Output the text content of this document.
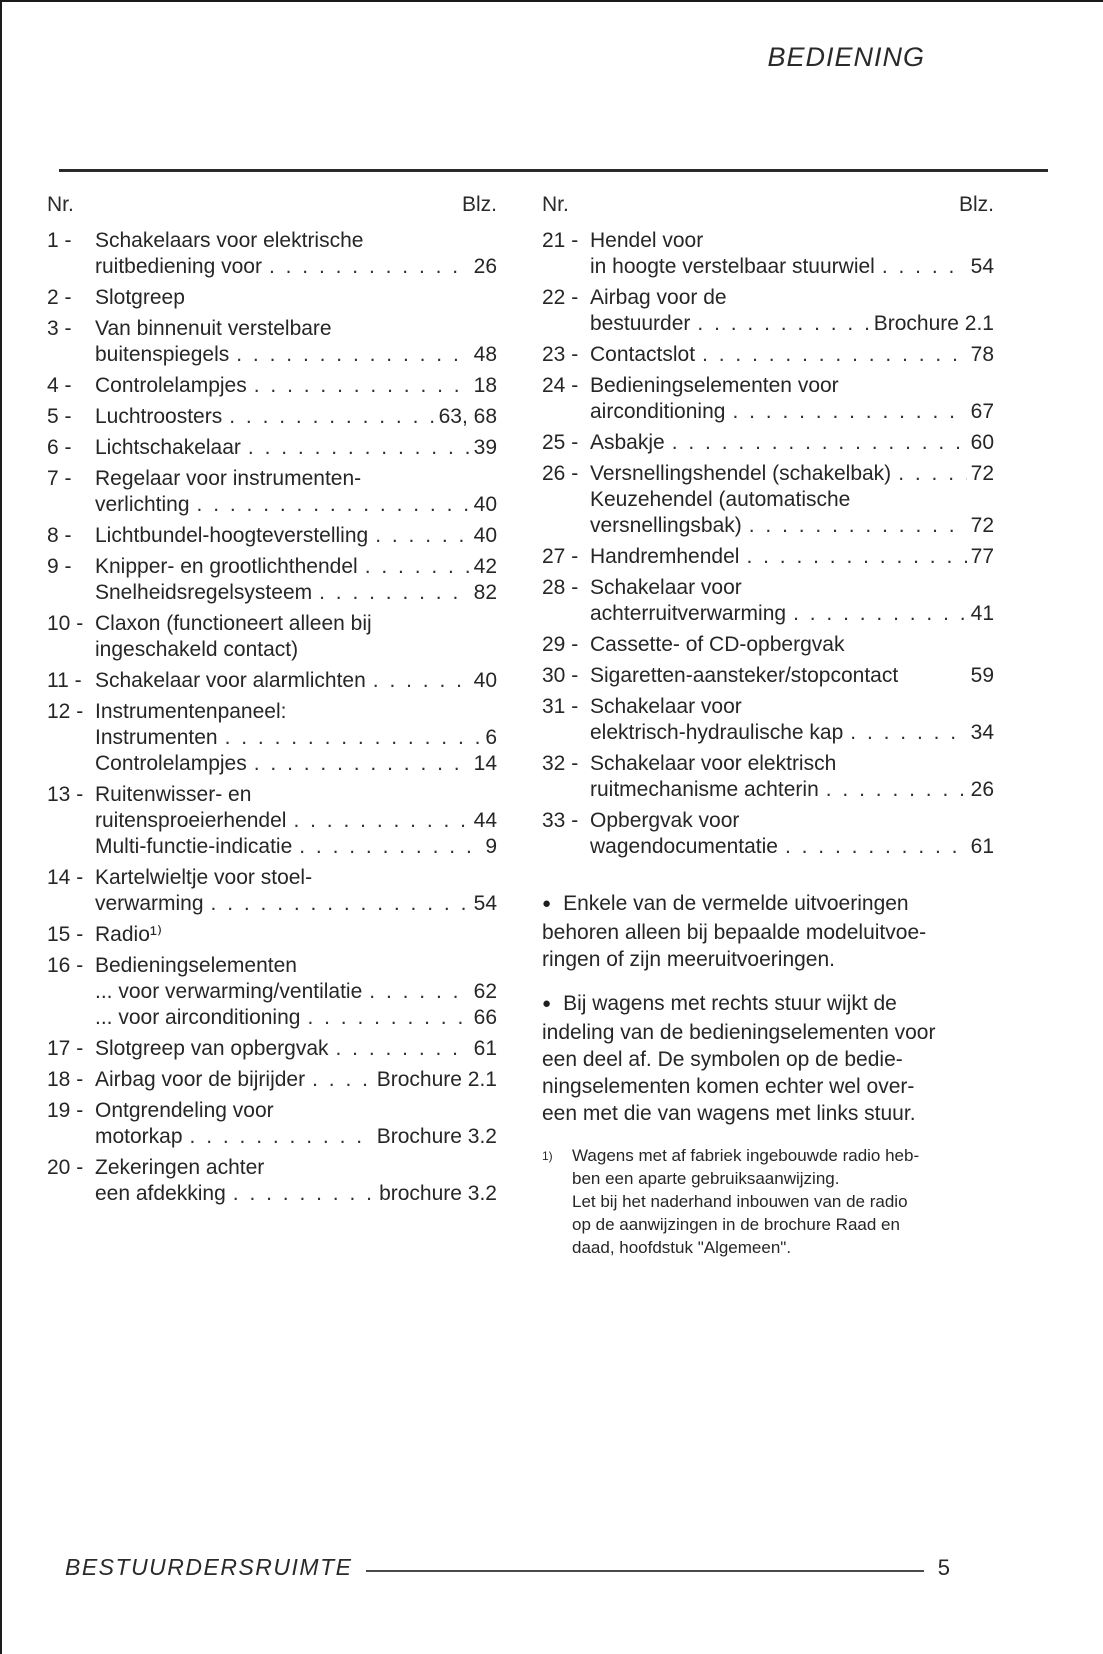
BEDIENING
Nr.	Blz.
1 -	Schakelaars voor elektrische
ruitbediening voor . . .	26
2 -	Slotgreep
3 -	Van binnenuit verstelbare
buitenspiegels . . .	48
4 -	Controlelampjes . . .	18
5 -	Luchtroosters . . .	63, 68
6 -	Lichtschakelaar . . .	39
7 -	Regelaar voor instrumenten-
verlichting . . .	40
8 -	Lichtbundel-hoogteverstelling . . .	40
9 -	Knipper- en grootlichthendel . . .	42
Snelheidsregelsysteem . . .	82
10 - Claxon (functioneert alleen bij
ingeschakeld contact)
11 - Schakelaar voor alarmlichten . . .	40
12 - Instrumentenpaneel:
Instrumenten . . .	6
Controlelampjes . . .	14
13 - Ruitenwisser- en
ruitensproeierhendel . . .	44
Multi-functie-indicatie . . .	9
14 - Kartelwieltje voor stoel-
verwarming . . .	54
15 - Radio¹⁾
16 - Bedieningselementen
... voor verwarming/ventilatie . . .	62
... voor airconditioning . . .	66
17 - Slotgreep van opbergvak . . .	61
18 - Airbag voor de bijrijder . . .	Brochure 2.1
19 - Ontgrendeling voor
motorkap . . .	Brochure 3.2
20 - Zekeringen achter
een afdekking . . .	brochure 3.2
Nr.	Blz.
21 - Hendel voor
in hoogte verstelbaar stuurwiel . . .	54
22 - Airbag voor de
bestuurder . . .	Brochure 2.1
23 - Contactslot . . .	78
24 - Bedieningselementen voor
airconditioning . . .	67
25 - Asbakje . . .	60
26 - Versnellingshendel (schakelbak) . . .	72
Keuzehendel (automatische
versnellingsbak) . . .	72
27 - Handremhendel . . .	77
28 - Schakelaar voor
achterruitverwarming . . .	41
29 - Cassette- of CD-opbergvak
30 - Sigaretten-aansteker/stopcontact	59
31 - Schakelaar voor
elektrisch-hydraulische kap . . .	34
32 - Schakelaar voor elektrisch
ruitmechanisme achterin . . .	26
33 - Opbergvak voor
wagendocumentatie . . .	61
● Enkele van de vermelde uitvoeringen
behoren alleen bij bepaalde modeluitvoe-
ringen of zijn meeruitvoeringen.
● Bij wagens met rechts stuur wijkt de
indeling van de bedieningselementen voor
een deel af. De symbolen op de bedie-
ningselementen komen echter wel over-
een met die van wagens met links stuur.
1)	Wagens met af fabriek ingebouwde radio heb-
ben een aparte gebruiksaanwijzing.
Let bij het naderhand inbouwen van de radio
op de aanwijzingen in de brochure Raad en
daad, hoofdstuk "Algemeen".
BESTUURDERSRUIMTE	5
